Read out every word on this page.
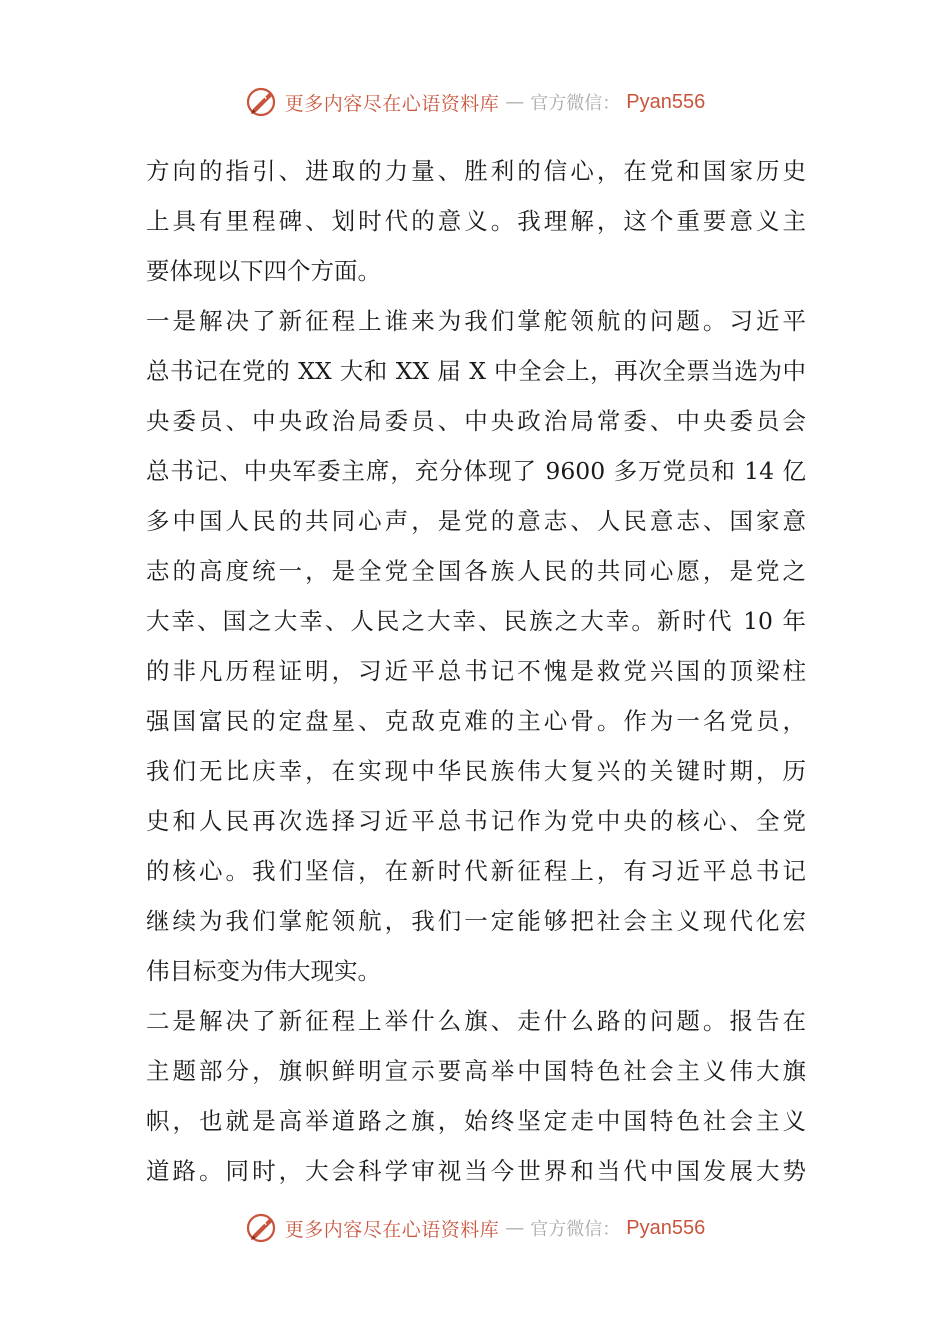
更多内容尽在心语资料库 — 官方微信： Pyan556
方向的指引、进取的力量、胜利的信心，在党和国家历史
上具有里程碑、划时代的意义。我理解，这个重要意义主
要体现以下四个方面。
一是解决了新征程上谁来为我们掌舵领航的问题。习近平
总书记在党的 XX 大和 XX 届 X 中全会上，再次全票当选为中
央委员、中央政治局委员、中央政治局常委、中央委员会
总书记、中央军委主席，充分体现了 9600 多万党员和 14 亿
多中国人民的共同心声，是党的意志、人民意志、国家意
志的高度统一，是全党全国各族人民的共同心愿，是党之
大幸、国之大幸、人民之大幸、民族之大幸。新时代 10 年
的非凡历程证明，习近平总书记不愧是救党兴国的顶梁柱
强国富民的定盘星、克敌克难的主心骨。作为一名党员，
我们无比庆幸，在实现中华民族伟大复兴的关键时期，历
史和人民再次选择习近平总书记作为党中央的核心、全党
的核心。我们坚信，在新时代新征程上，有习近平总书记
继续为我们掌舵领航，我们一定能够把社会主义现代化宏
伟目标变为伟大现实。
二是解决了新征程上举什么旗、走什么路的问题。报告在
主题部分，旗帜鲜明宣示要高举中国特色社会主义伟大旗
帜，也就是高举道路之旗，始终坚定走中国特色社会主义
道路。同时，大会科学审视当今世界和当代中国发展大势
更多内容尽在心语资料库 — 官方微信： Pyan556
